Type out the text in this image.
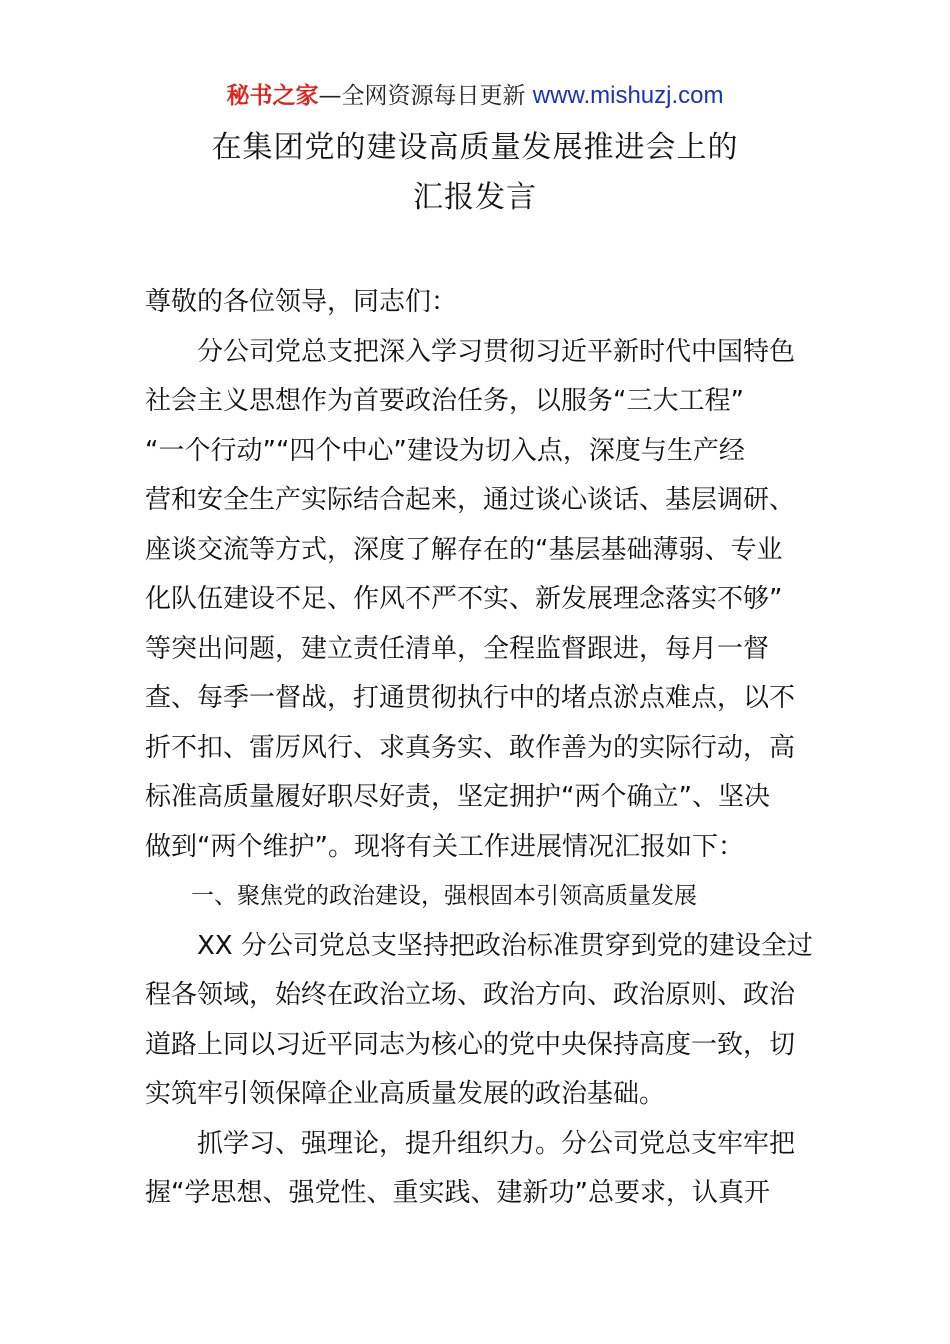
秘书之家—全网资源每日更新 www.mishuzj.com
在集团党的建设高质量发展推进会上的
汇报发言
尊敬的各位领导，同志们：
　　分公司党总支把深入学习贯彻习近平新时代中国特色
社会主义思想作为首要政治任务，以服务“三大工程”
“一个行动”“四个中心”建设为切入点，深度与生产经
营和安全生产实际结合起来，通过谈心谈话、基层调研、
座谈交流等方式，深度了解存在的“基层基础薄弱、专业
化队伍建设不足、作风不严不实、新发展理念落实不够”
等突出问题，建立责任清单，全程监督跟进，每月一督
查、每季一督战，打通贯彻执行中的堵点淤点难点，以不
折不扣、雷厉风行、求真务实、敢作善为的实际行动，高
标准高质量履好职尽好责，坚定拥护“两个确立”、坚决
做到“两个维护”。现将有关工作进展情况汇报如下：
　　一、聚焦党的政治建设，强根固本引领高质量发展
　　XX 分公司党总支坚持把政治标准贯穿到党的建设全过
程各领域，始终在政治立场、政治方向、政治原则、政治
道路上同以习近平同志为核心的党中央保持高度一致，切
实筑牢引领保障企业高质量发展的政治基础。
　　抓学习、强理论，提升组织力。分公司党总支牢牢把
握“学思想、强党性、重实践、建新功”总要求，认真开
